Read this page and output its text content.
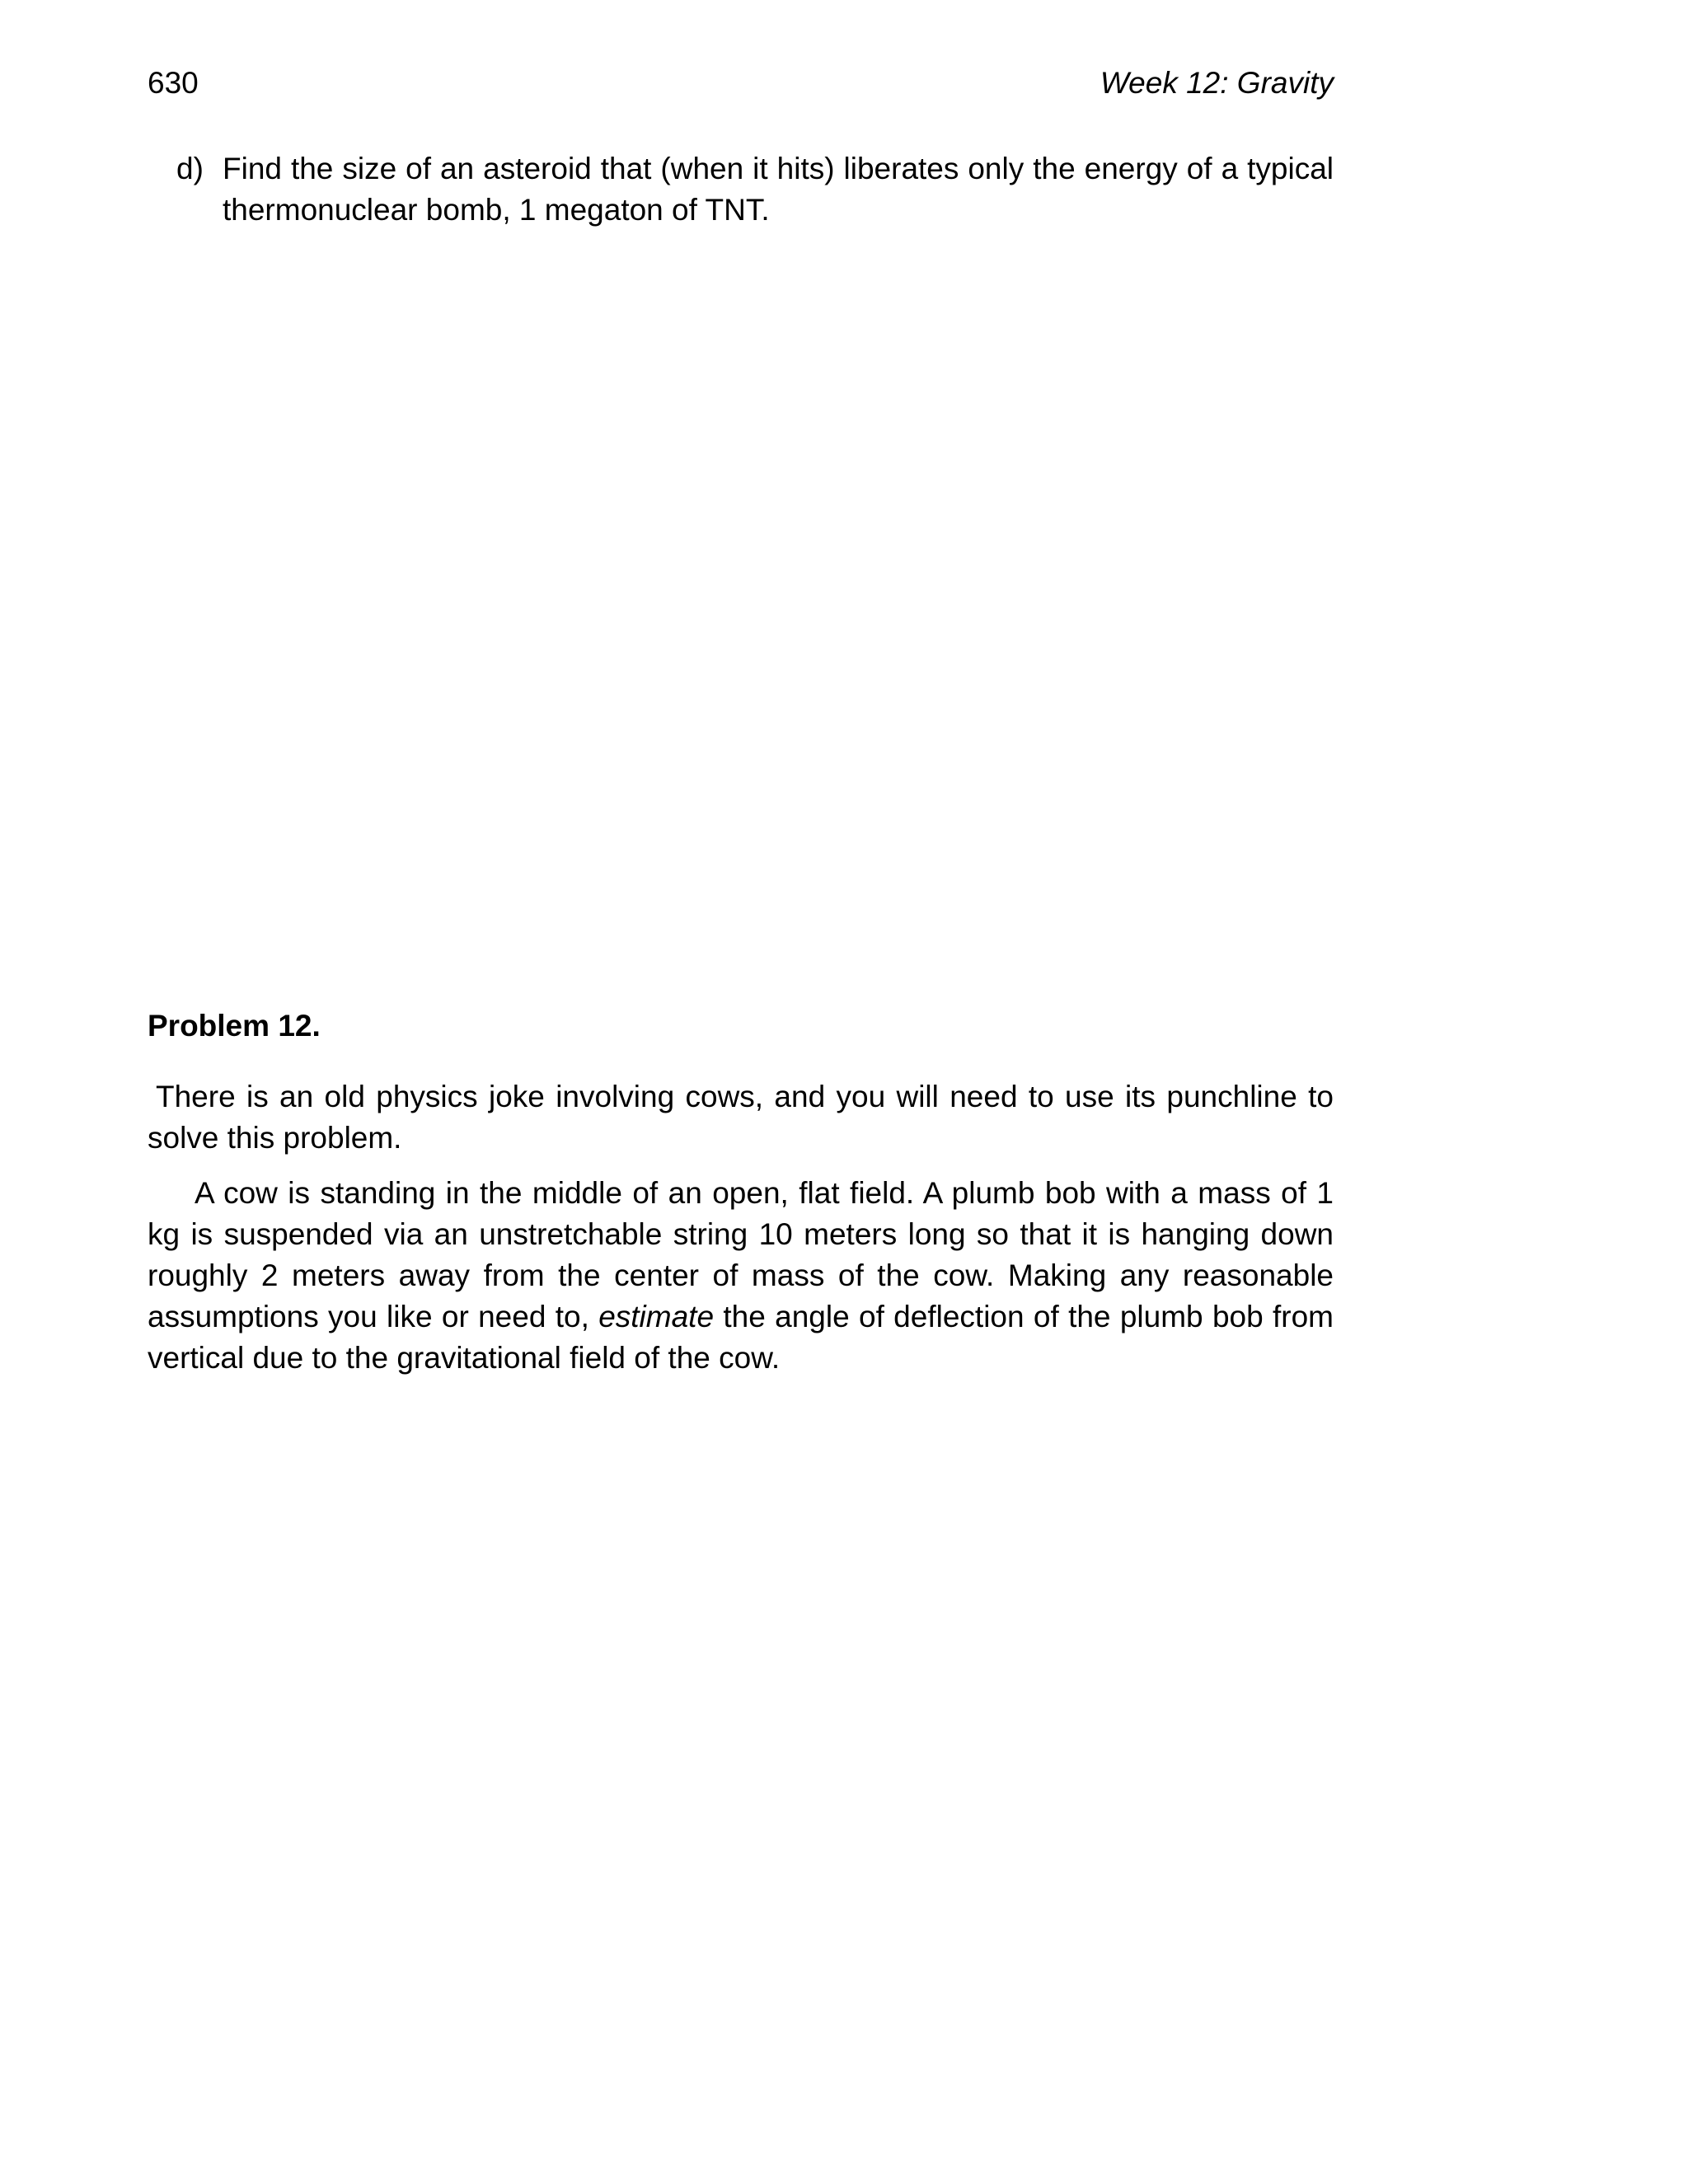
630	Week 12: Gravity
d) Find the size of an asteroid that (when it hits) liberates only the energy of a typical thermonuclear bomb, 1 megaton of TNT.
Problem 12.

There is an old physics joke involving cows, and you will need to use its punchline to solve this problem.

A cow is standing in the middle of an open, flat field. A plumb bob with a mass of 1 kg is suspended via an unstretchable string 10 meters long so that it is hanging down roughly 2 meters away from the center of mass of the cow. Making any reasonable assumptions you like or need to, estimate the angle of deflection of the plumb bob from vertical due to the gravitational field of the cow.
